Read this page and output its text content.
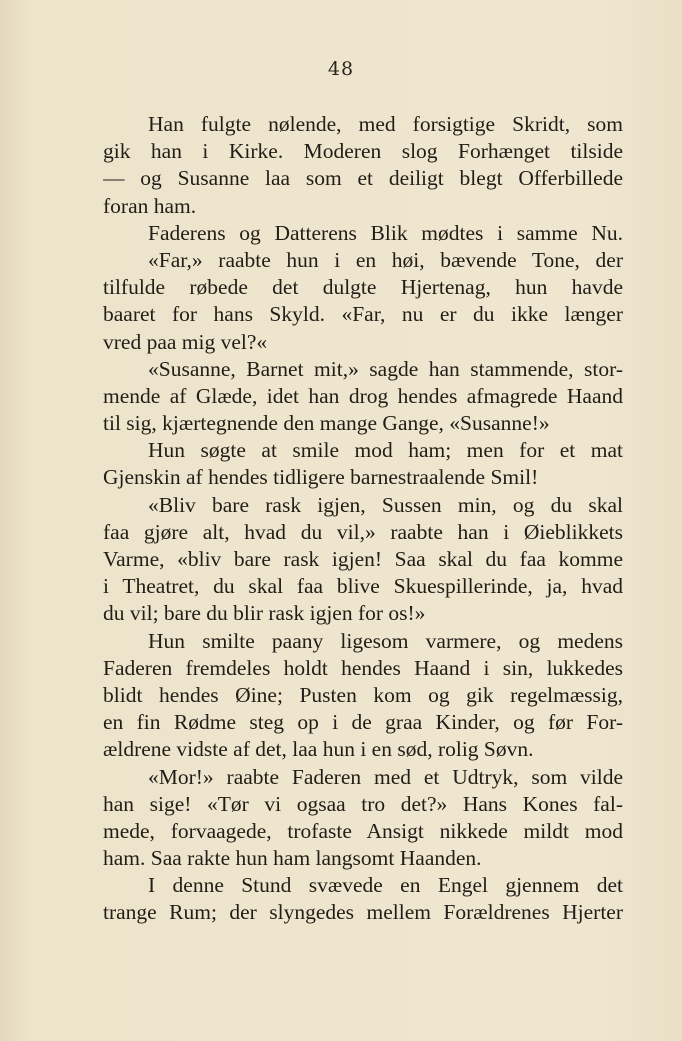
48
Han fulgte nølende, med forsigtige Skridt, som
gik han i Kirke. Moderen slog Forhænget tilside
— og Susanne laa som et deiligt blegt Offerbillede
foran ham.
Faderens og Datterens Blik mødtes i samme Nu.
«Far,» raabte hun i en høi, bævende Tone, der
tilfulde røbede det dulgte Hjertenag, hun havde
baaret for hans Skyld. «Far, nu er du ikke længer
vred paa mig vel?«
«Susanne, Barnet mit,» sagde han stammende, stor-
mende af Glæde, idet han drog hendes afmagrede Haand
til sig, kjærtegnende den mange Gange, «Susanne!»
Hun søgte at smile mod ham; men for et mat
Gjenskin af hendes tidligere barnestraalende Smil!
«Bliv bare rask igjen, Sussen min, og du skal
faa gjøre alt, hvad du vil,» raabte han i Øieblikkets
Varme, «bliv bare rask igjen! Saa skal du faa komme
i Theatret, du skal faa blive Skuespillerinde, ja, hvad
du vil; bare du blir rask igjen for os!»
Hun smilte paany ligesom varmere, og medens
Faderen fremdeles holdt hendes Haand i sin, lukkedes
blidt hendes Øine; Pusten kom og gik regelmæssig,
en fin Rødme steg op i de graa Kinder, og før For-
ældrene vidste af det, laa hun i en sød, rolig Søvn.
«Mor!» raabte Faderen med et Udtryk, som vilde
han sige! «Tør vi ogsaa tro det?» Hans Kones fal-
mede, forvaagede, trofaste Ansigt nikkede mildt mod
ham. Saa rakte hun ham langsomt Haanden.
I denne Stund svævede en Engel gjennem det
trange Rum; der slyngedes mellem Forældrenes Hjerter
